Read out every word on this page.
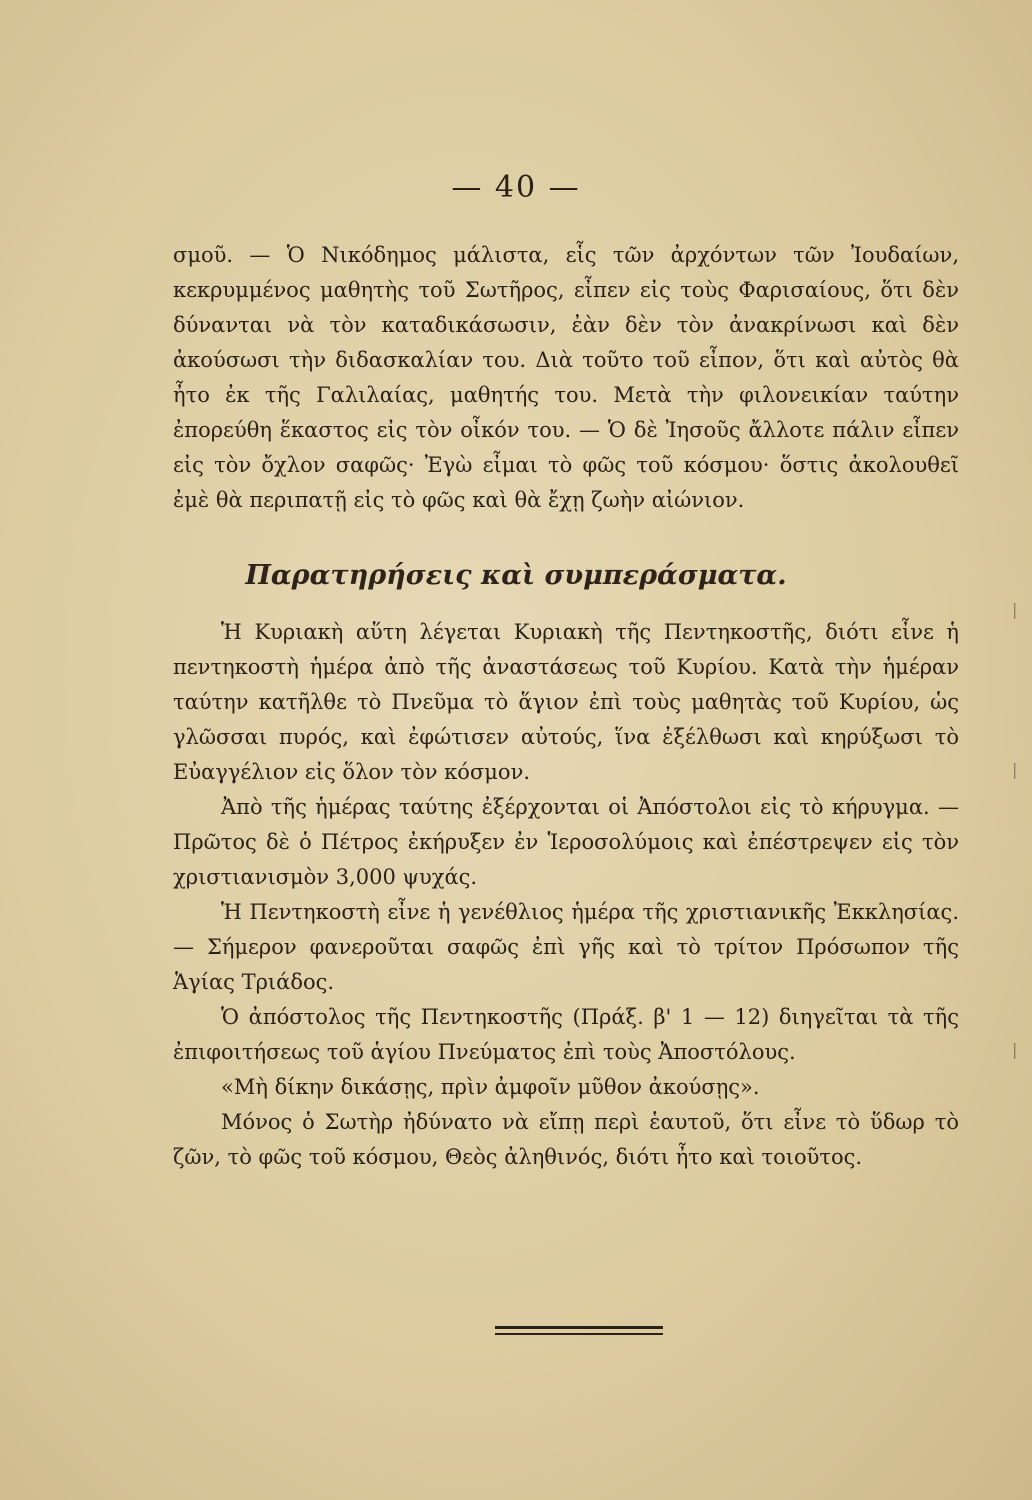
— 40 —

σμοῦ. — Ὁ Νικόδημος μάλιστα, εἷς τῶν ἀρχόντων τῶν Ἰουδαίων, κεκρυμμένος μαθητὴς τοῦ Σωτῆρος, εἶπεν εἰς τοὺς Φαρισαίους, ὅτι δὲν δύνανται νὰ τὸν καταδικάσωσιν, ἐὰν δὲν τὸν ἀνακρίνωσι καὶ δὲν ἀκούσωσι τὴν διδασκαλίαν του. Διὰ τοῦτο τοῦ εἶπον, ὅτι καὶ αὐτὸς θὰ ἦτο ἐκ τῆς Γαλιλαίας, μαθητής του. Μετὰ τὴν φιλονεικίαν ταύτην ἐπορεύθη ἕκαστος εἰς τὸν οἶκόν του. — Ὁ δὲ Ἰησοῦς ἄλλοτε πάλιν εἶπεν εἰς τὸν ὄχλον σαφῶς· Ἐγὼ εἶμαι τὸ φῶς τοῦ κόσμου· ὅστις ἀκολουθεῖ ἐμὲ θὰ περιπατῇ εἰς τὸ φῶς καὶ θὰ ἔχῃ ζωὴν αἰώνιον.

Παρατηρήσεις καὶ συμπεράσματα.

Ἡ Κυριακὴ αὕτη λέγεται Κυριακὴ τῆς Πεντηκοστῆς, διότι εἶνε ἡ πεντηκοστὴ ἡμέρα ἀπὸ τῆς ἀναστάσεως τοῦ Κυρίου. Κατὰ τὴν ἡμέραν ταύτην κατῆλθε τὸ Πνεῦμα τὸ ἅγιον ἐπὶ τοὺς μαθητὰς τοῦ Κυρίου, ὡς γλῶσσαι πυρός, καὶ ἐφώτισεν αὐτούς, ἵνα ἐξέλθωσι καὶ κηρύξωσι τὸ Εὐαγγέλιον εἰς ὅλον τὸν κόσμον.

Ἀπὸ τῆς ἡμέρας ταύτης ἐξέρχονται οἱ Ἀπόστολοι εἰς τὸ κήρυγμα. — Πρῶτος δὲ ὁ Πέτρος ἐκήρυξεν ἐν Ἱεροσολύμοις καὶ ἐπέστρεψεν εἰς τὸν χριστιανισμὸν 3,000 ψυχάς.

Ἡ Πεντηκοστὴ εἶνε ἡ γενέθλιος ἡμέρα τῆς χριστιανικῆς Ἐκκλησίας. — Σήμερον φανεροῦται σαφῶς ἐπὶ γῆς καὶ τὸ τρίτον Πρόσωπον τῆς Ἁγίας Τριάδος.

Ὁ ἀπόστολος τῆς Πεντηκοστῆς (Πράξ. β' 1 — 12) διηγεῖται τὰ τῆς ἐπιφοιτήσεως τοῦ ἁγίου Πνεύματος ἐπὶ τοὺς Ἀποστόλους.

«Μὴ δίκην δικάσῃς, πρὶν ἀμφοῖν μῦθον ἀκούσῃς».

Μόνος ὁ Σωτὴρ ἠδύνατο νὰ εἴπῃ περὶ ἑαυτοῦ, ὅτι εἶνε τὸ ὕδωρ τὸ ζῶν, τὸ φῶς τοῦ κόσμου, Θεὸς ἀληθινός, διότι ἦτο καὶ τοιοῦτος.

|
|
|
